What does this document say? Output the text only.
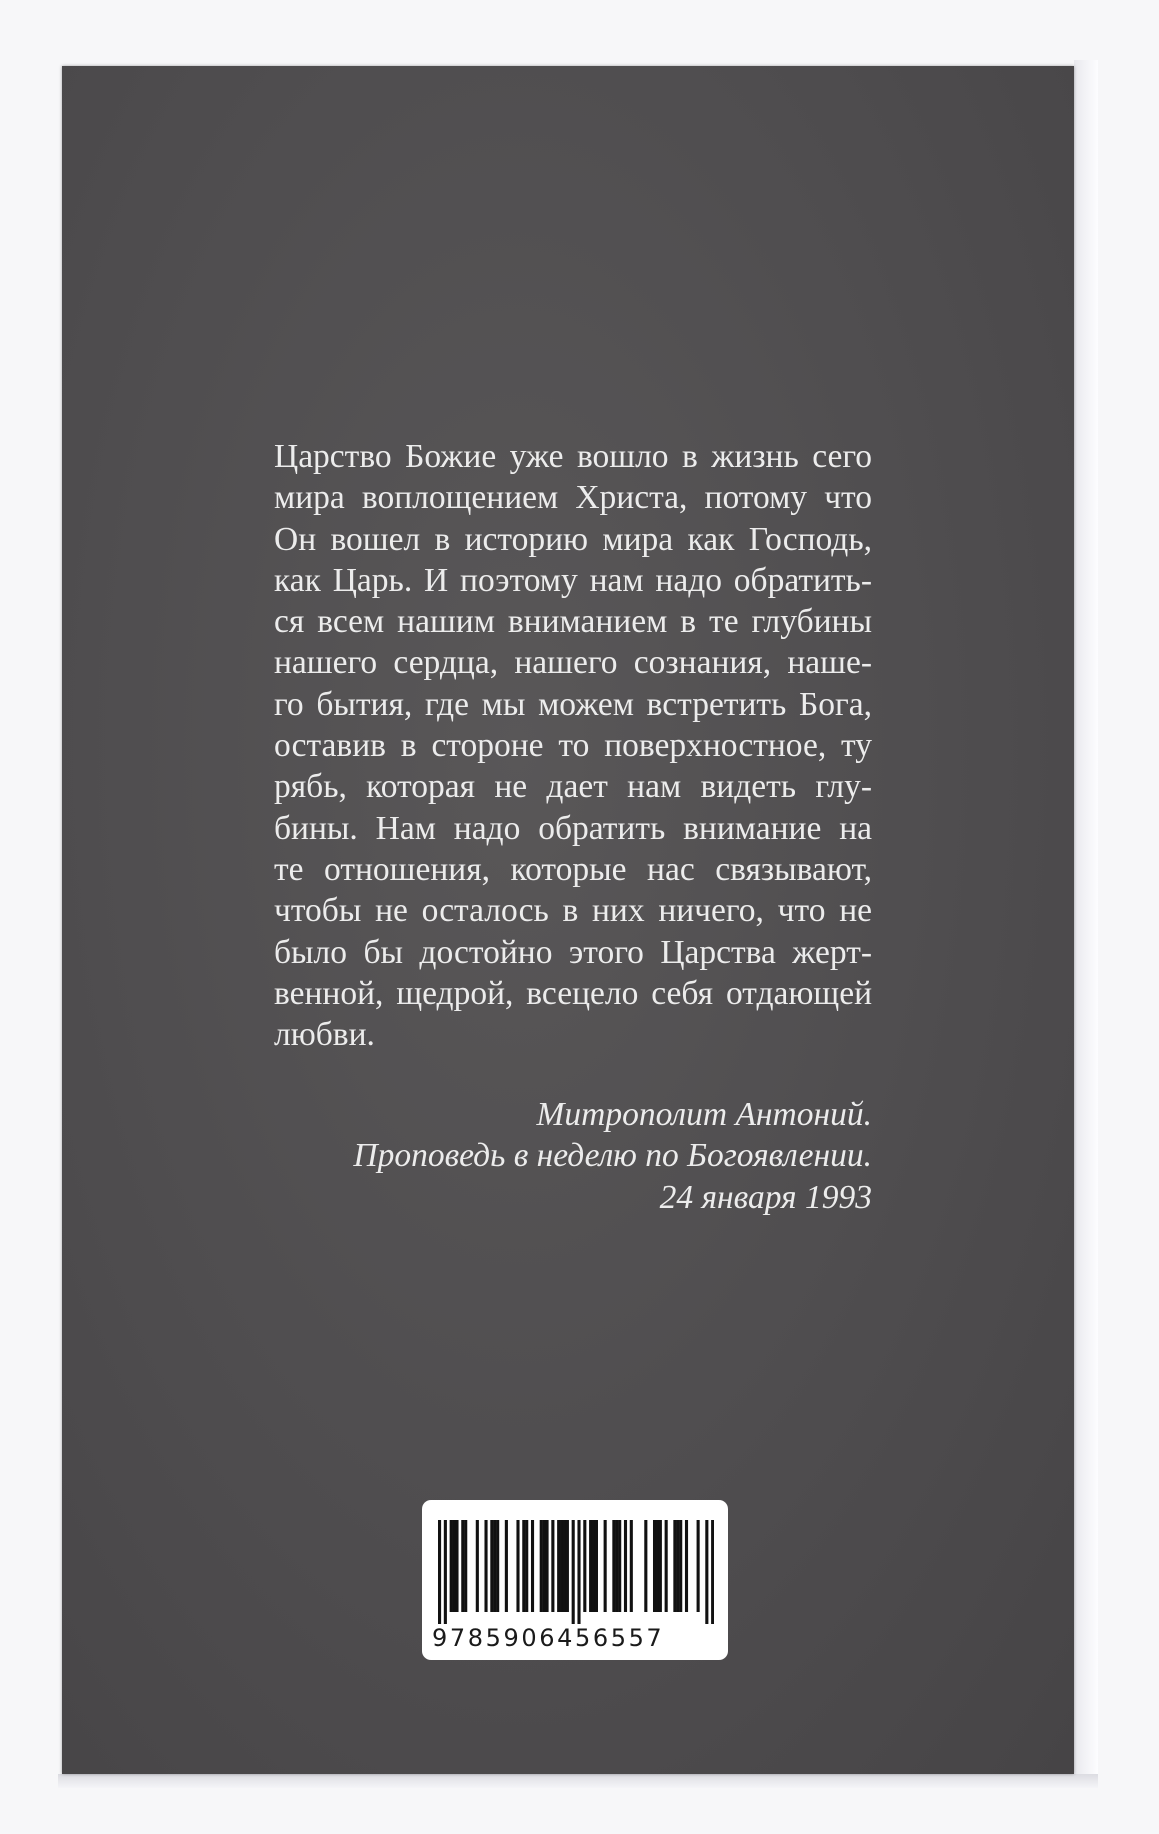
Царство Божие уже вошло в жизнь сего
мира воплощением Христа, потому что
Он вошел в историю мира как Господь,
как Царь. И поэтому нам надо обратить-
ся всем нашим вниманием в те глубины
нашего сердца, нашего сознания, наше-
го бытия, где мы можем встретить Бога,
оставив в стороне то поверхностное, ту
рябь, которая не дает нам видеть глу-
бины. Нам надо обратить внимание на
те отношения, которые нас связывают,
чтобы не осталось в них ничего, что не
было бы достойно этого Царства жерт-
венной, щедрой, всецело себя отдающей
любви.
Митрополит Антоний.
Проповедь в неделю по Богоявлении.
24 января 1993
9785906456557
